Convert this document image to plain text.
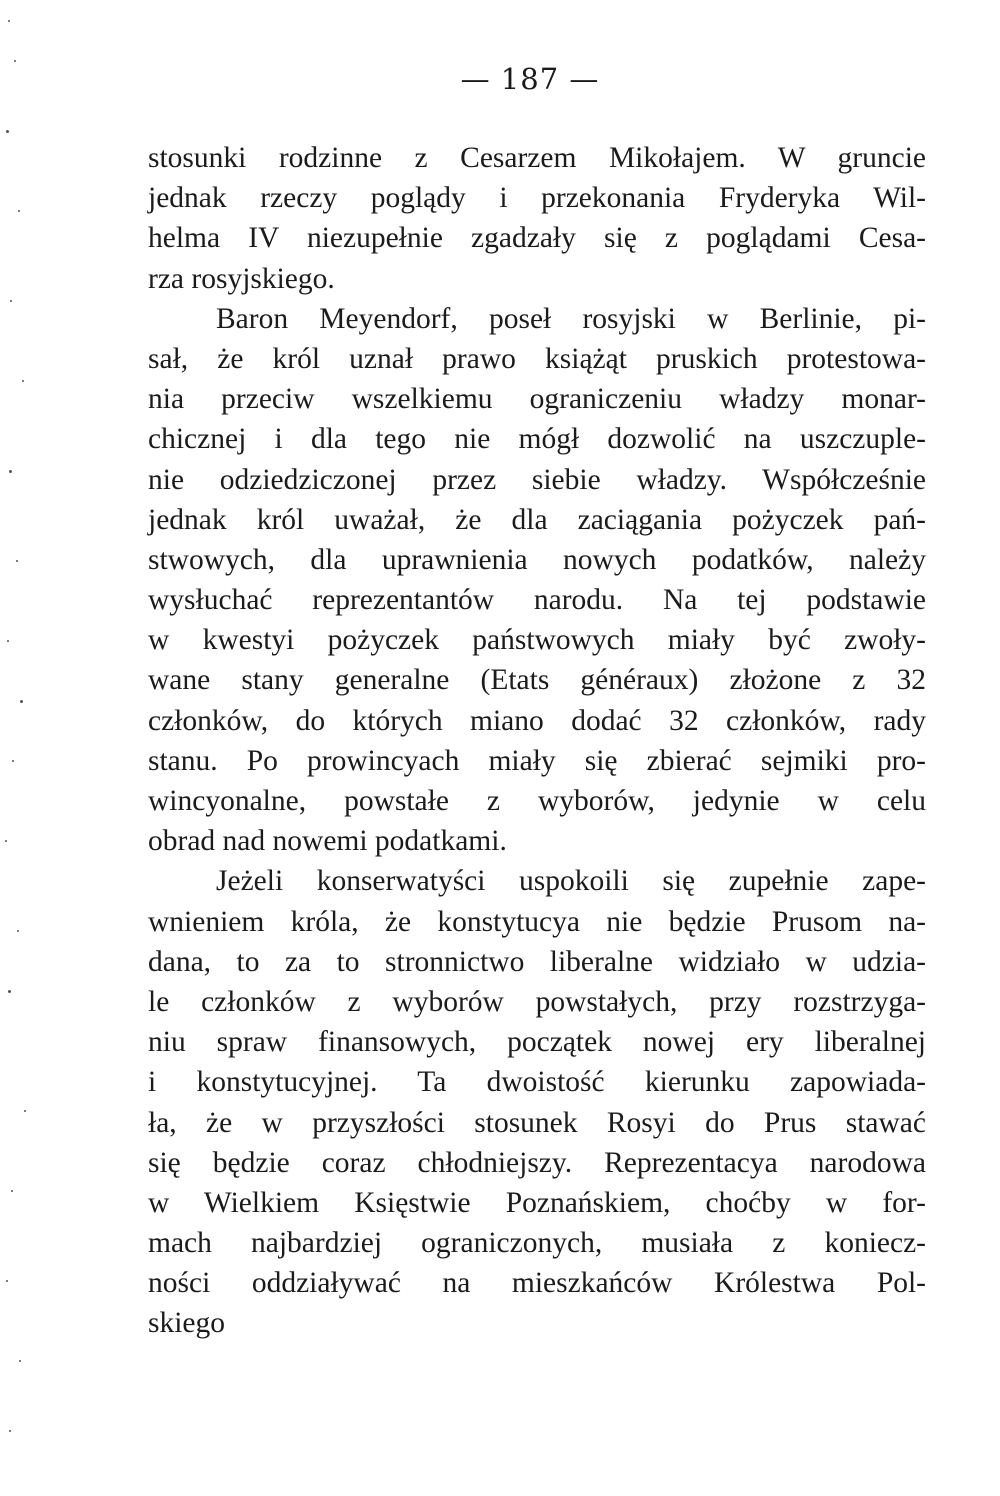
— 187 —
stosunki rodzinne z Cesarzem Mikołajem. W gruncie
jednak rzeczy poglądy i przekonania Fryderyka Wil-
helma IV niezupełnie zgadzały się z poglądami Cesa-
rza rosyjskiego.
Baron Meyendorf, poseł rosyjski w Berlinie, pi-
sał, że król uznał prawo książąt pruskich protestowa-
nia przeciw wszelkiemu ograniczeniu władzy monar-
chicznej i dla tego nie mógł dozwolić na uszczuple-
nie odziedziczonej przez siebie władzy. Współcześnie
jednak król uważał, że dla zaciągania pożyczek pań-
stwowych, dla uprawnienia nowych podatków, należy
wysłuchać reprezentantów narodu. Na tej podstawie
w kwestyi pożyczek państwowych miały być zwoły-
wane stany generalne (Etats généraux) złożone z 32
członków, do których miano dodać 32 członków, rady
stanu. Po prowincyach miały się zbierać sejmiki pro-
wincyonalne, powstałe z wyborów, jedynie w celu
obrad nad nowemi podatkami.
Jeżeli konserwatyści uspokoili się zupełnie zape-
wnieniem króla, że konstytucya nie będzie Prusom na-
dana, to za to stronnictwo liberalne widziało w udzia-
le członków z wyborów powstałych, przy rozstrzyga-
niu spraw finansowych, początek nowej ery liberalnej
i konstytucyjnej. Ta dwoistość kierunku zapowiada-
ła, że w przyszłości stosunek Rosyi do Prus stawać
się będzie coraz chłodniejszy. Reprezentacya narodowa
w Wielkiem Księstwie Poznańskiem, choćby w for-
mach najbardziej ograniczonych, musiała z koniecz-
ności oddziaływać na mieszkańców Królestwa Pol-
skiego
